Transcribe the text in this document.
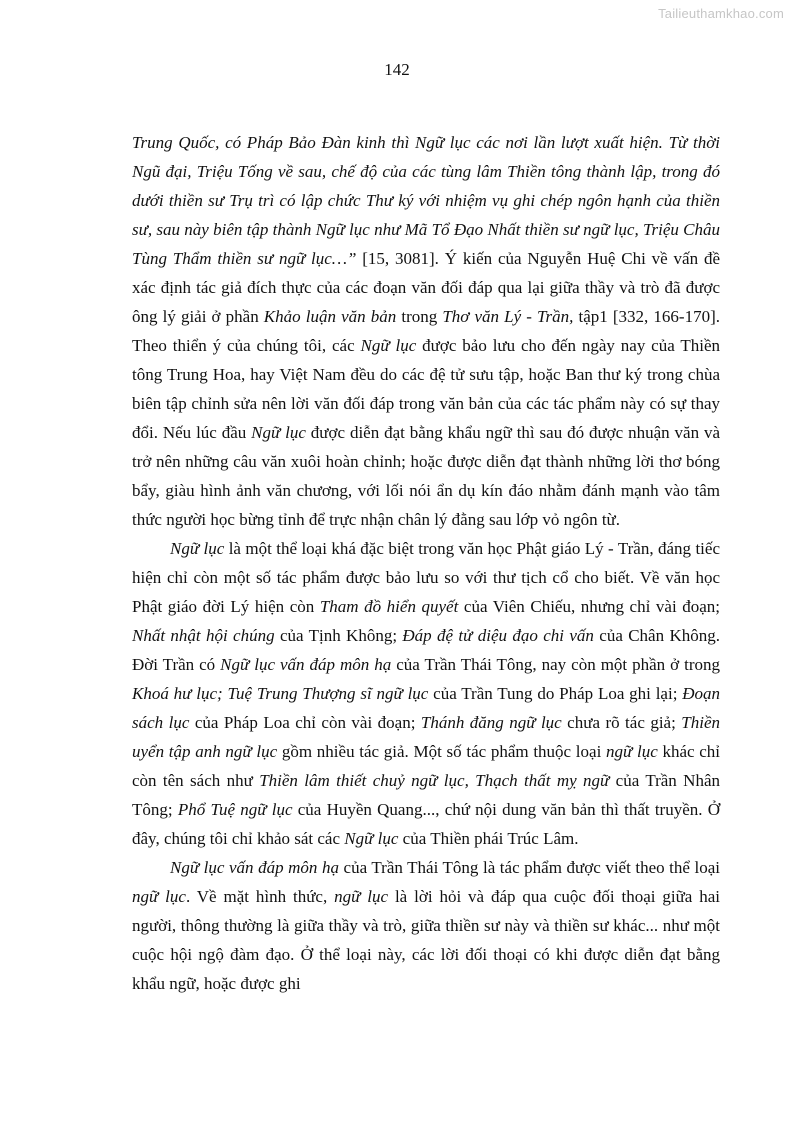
Tailieuthamkhao.com
142

Trung Quốc, có Pháp Bảo Đàn kinh thì Ngữ lục các nơi lần lượt xuất hiện. Từ thời Ngũ đại, Triệu Tống về sau, chế độ của các tùng lâm Thiền tông thành lập, trong đó dưới thiền sư Trụ trì có lập chức Thư ký với nhiệm vụ ghi chép ngôn hạnh của thiền sư, sau này biên tập thành Ngữ lục như Mã Tổ Đạo Nhất thiền sư ngữ lục, Triệu Châu Tùng Thẩm thiền sư ngữ lục…” [15, 3081]. Ý kiến của Nguyễn Huệ Chi về vấn đề xác định tác giả đích thực của các đoạn văn đối đáp qua lại giữa thầy và trò đã được ông lý giải ở phần Khảo luận văn bản trong Thơ văn Lý - Trần, tập1 [332, 166-170]. Theo thiển ý của chúng tôi, các Ngữ lục được bảo lưu cho đến ngày nay của Thiền tông Trung Hoa, hay Việt Nam đều do các đệ tử sưu tập, hoặc Ban thư ký trong chùa biên tập chỉnh sửa nên lời văn đối đáp trong văn bản của các tác phẩm này có sự thay đổi. Nếu lúc đầu Ngữ lục được diễn đạt bằng khẩu ngữ thì sau đó được nhuận văn và trở nên những câu văn xuôi hoàn chỉnh; hoặc được diễn đạt thành những lời thơ bóng bẩy, giàu hình ảnh văn chương, với lối nói ẩn dụ kín đáo nhằm đánh mạnh vào tâm thức người học bừng tỉnh để trực nhận chân lý đằng sau lớp vỏ ngôn từ.

Ngữ lục là một thể loại khá đặc biệt trong văn học Phật giáo Lý - Trần, đáng tiếc hiện chỉ còn một số tác phẩm được bảo lưu so với thư tịch cổ cho biết. Về văn học Phật giáo đời Lý hiện còn Tham đồ hiển quyết của Viên Chiếu, nhưng chỉ vài đoạn; Nhất nhật hội chúng của Tịnh Không; Đáp đệ tử diệu đạo chi vấn của Chân Không. Đời Trần có Ngữ lục vấn đáp môn hạ của Trần Thái Tông, nay còn một phần ở trong Khoá hư lục; Tuệ Trung Thượng sĩ ngữ lục của Trần Tung do Pháp Loa ghi lại; Đoạn sách lục của Pháp Loa chỉ còn vài đoạn; Thánh đăng ngữ lục chưa rõ tác giả; Thiền uyển tập anh ngữ lục gồm nhiều tác giả. Một số tác phẩm thuộc loại ngữ lục khác chỉ còn tên sách như Thiền lâm thiết chuỷ ngữ lục, Thạch thất mỵ ngữ của Trần Nhân Tông; Phổ Tuệ ngữ lục của Huyền Quang..., chứ nội dung văn bản thì thất truyền. Ở đây, chúng tôi chỉ khảo sát các Ngữ lục của Thiền phái Trúc Lâm.

Ngữ lục vấn đáp môn hạ của Trần Thái Tông là tác phẩm được viết theo thể loại ngữ lục. Về mặt hình thức, ngữ lục là lời hỏi và đáp qua cuộc đối thoại giữa hai người, thông thường là giữa thầy và trò, giữa thiền sư này và thiền sư khác... như một cuộc hội ngộ đàm đạo. Ở thể loại này, các lời đối thoại có khi được diễn đạt bằng khẩu ngữ, hoặc được ghi
